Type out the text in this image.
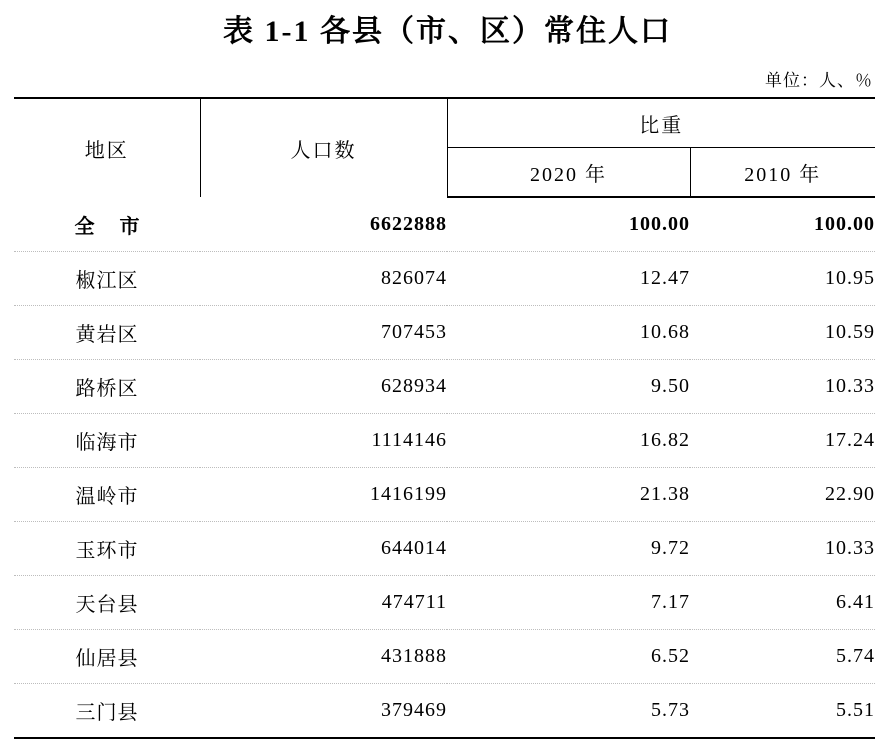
表 1-1 各县（市、区）常住人口
单位：人、％
地区	人口数	比重	
		2020 年	2010 年
全 市	6622888	100.00	100.00
椒江区	826074	12.47	10.95
黄岩区	707453	10.68	10.59
路桥区	628934	9.50	10.33
临海市	1114146	16.82	17.24
温岭市	1416199	21.38	22.90
玉环市	644014	9.72	10.33
天台县	474711	7.17	6.41
仙居县	431888	6.52	5.74
三门县	379469	5.73	5.51
